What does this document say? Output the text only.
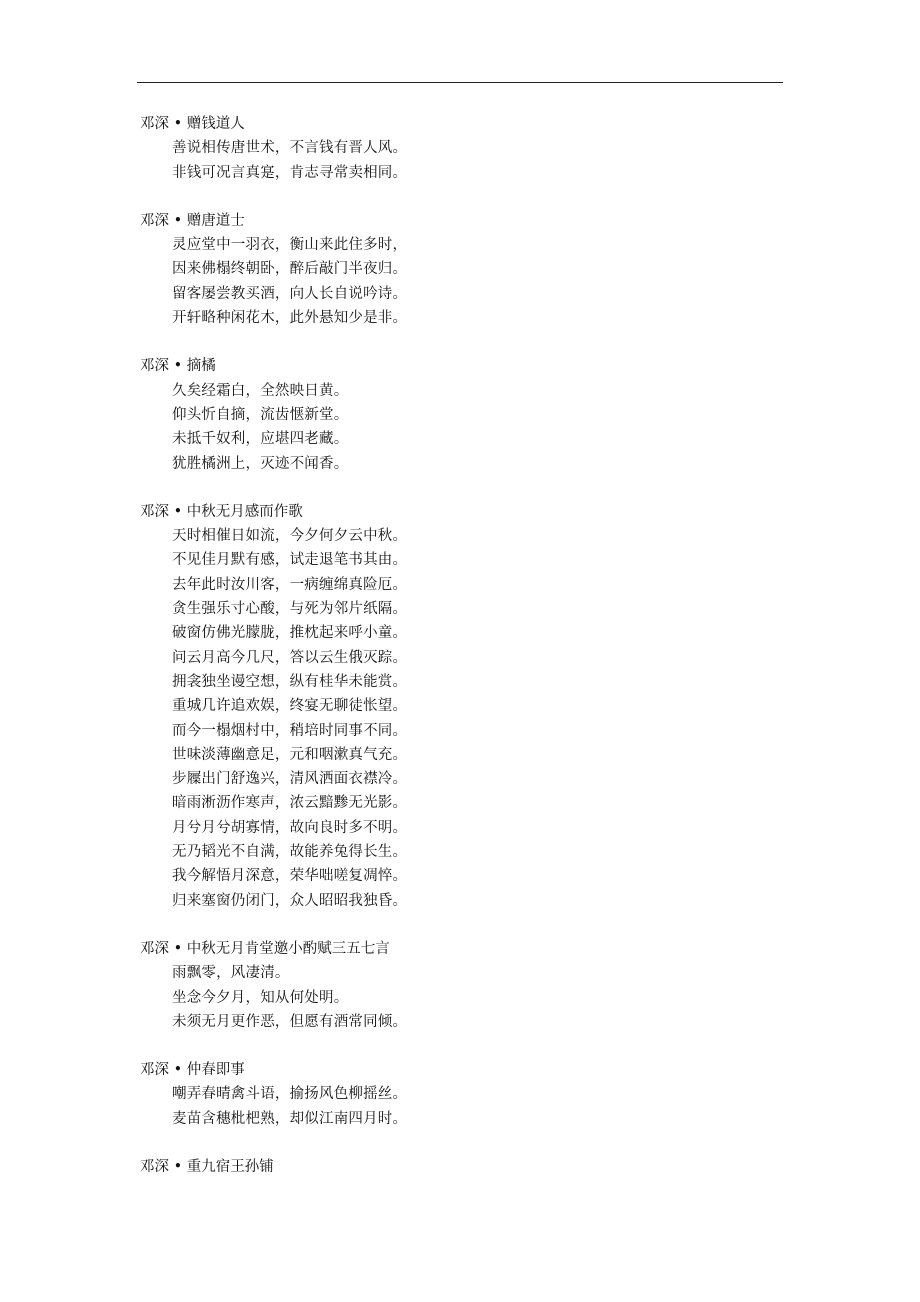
邓深 • 赠钱道人
善说相传唐世术，不言钱有晋人风。
非钱可况言真寔，肯志寻常卖相同。
邓深 • 赠唐道士
灵应堂中一羽衣，衡山来此住多时，
因来佛榻终朝卧，醉后敲门半夜归。
留客屡尝教买酒，向人长自说吟诗。
开轩略种闲花木，此外悬知少是非。
邓深 • 摘橘
久矣经霜白，全然映日黄。
仰头忻自摘，流齿惬新堂。
未抵千奴利，应堪四老藏。
犹胜橘洲上，灭迹不闻香。
邓深 • 中秋无月感而作歌
天时相催日如流，今夕何夕云中秋。
不见佳月默有感，试走退笔书其由。
去年此时汝川客，一病缠绵真险厄。
贪生强乐寸心酸，与死为邻片纸隔。
破窗仿佛光朦胧，推枕起来呼小童。
问云月高今几尺，答以云生俄灭踪。
拥衾独坐谩空想，纵有桂华未能赏。
重城几许追欢娱，终宴无聊徒怅望。
而今一榻烟村中，稍培时同事不同。
世味淡薄幽意足，元和咽漱真气充。
步屧出门舒逸兴，清风洒面衣襟冷。
暗雨淅沥作寒声，浓云黯黪无光影。
月兮月兮胡寡情，故向良时多不明。
无乃韬光不自满，故能养兔得长生。
我今解悟月深意，荣华咄嗟复凋悴。
归来塞窗仍闭门，众人昭昭我独昏。
邓深 • 中秋无月肯堂邀小酌赋三五七言
雨飘零，风凄清。
坐念今夕月，知从何处明。
未须无月更作恶，但愿有酒常同倾。
邓深 • 仲春即事
嘲弄春晴禽斗语，揄扬风色柳摇丝。
麦苗含穗枇杷熟，却似江南四月时。
邓深 • 重九宿王孙铺
